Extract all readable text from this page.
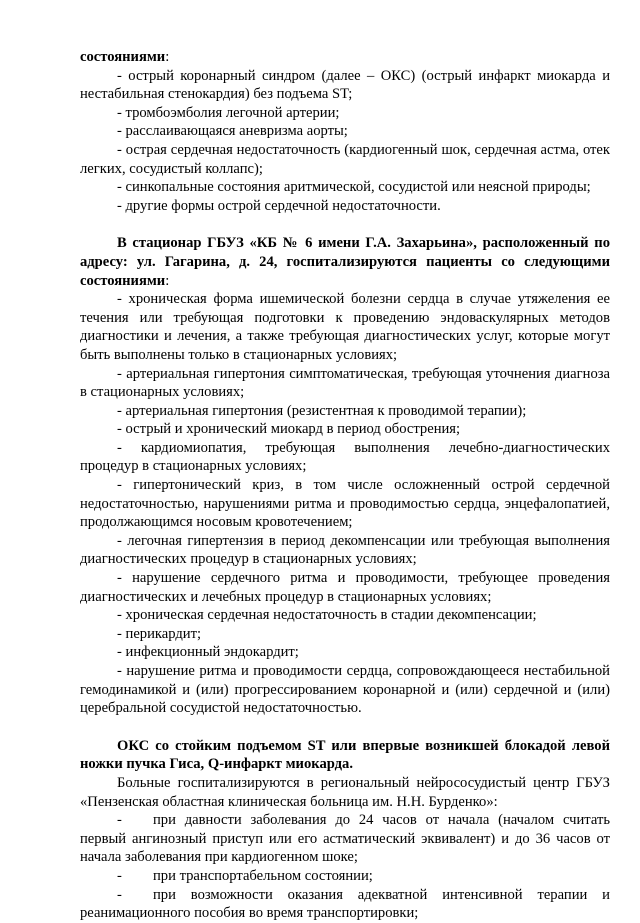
состояниями:

- острый коронарный синдром (далее – ОКС) (острый инфаркт миокарда и нестабильная стенокардия) без подъема ST;

- тромбоэмболия легочной артерии;

- расслаивающаяся аневризма аорты;

- острая сердечная недостаточность (кардиогенный шок, сердечная астма, отек легких, сосудистый коллапс);

- синкопальные состояния аритмической, сосудистой или неясной природы;

- другие формы острой сердечной недостаточности.

В стационар ГБУЗ «КБ № 6 имени Г.А. Захарьина», расположенный по адресу: ул. Гагарина, д. 24, госпитализируются пациенты со следующими состояниями:

- хроническая форма ишемической болезни сердца в случае утяжеления ее течения или требующая подготовки к проведению эндоваскулярных методов диагностики и лечения, а также требующая диагностических услуг, которые могут быть выполнены только в стационарных условиях;

- артериальная гипертония симптоматическая, требующая уточнения диагноза в стационарных условиях;

- артериальная гипертония (резистентная к проводимой терапии);

- острый и хронический миокард в период обострения;

- кардиомиопатия, требующая выполнения лечебно-диагностических процедур в стационарных условиях;

- гипертонический криз, в том числе осложненный острой сердечной недостаточностью, нарушениями ритма и проводимостью сердца, энцефалопатией, продолжающимся носовым кровотечением;

- легочная гипертензия в период декомпенсации или требующая выполнения диагностических процедур в стационарных условиях;

- нарушение сердечного ритма и проводимости, требующее проведения диагностических и лечебных процедур в стационарных условиях;

- хроническая сердечная недостаточность в стадии декомпенсации;

- перикардит;

- инфекционный эндокардит;

- нарушение ритма и проводимости сердца, сопровождающееся нестабильной гемодинамикой и (или) прогрессированием коронарной и (или) сердечной и (или) церебральной сосудистой недостаточностью.

ОКС со стойким подъемом ST или впервые возникшей блокадой левой ножки пучка Гиса, Q-инфаркт миокарда.

Больные госпитализируются в региональный нейрососудистый центр ГБУЗ «Пензенская областная клиническая больница им. Н.Н. Бурденко»:

- при давности заболевания до 24 часов от начала (началом считать первый ангинозный приступ или его астматический эквивалент) и до 36 часов от начала заболевания при кардиогенном шоке;

- при транспортабельном состоянии;

- при возможности оказания адекватной интенсивной терапии и реанимационного пособия во время транспортировки;
